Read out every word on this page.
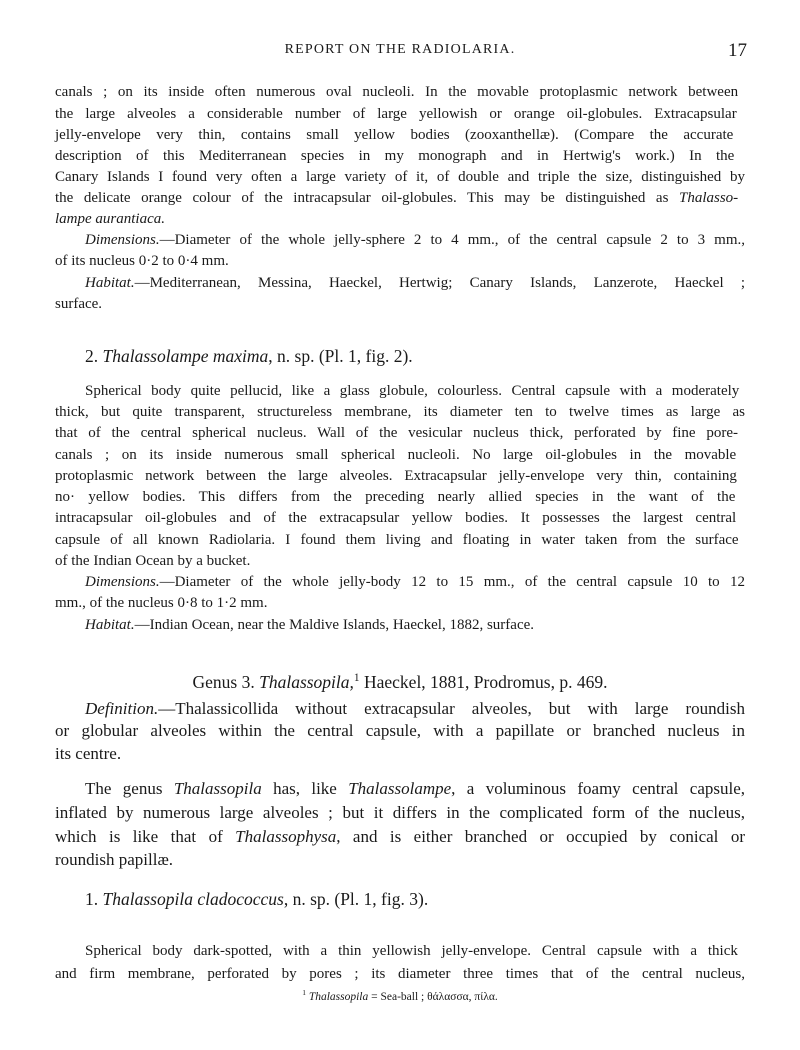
REPORT ON THE RADIOLARIA.	17
canals ; on its inside often numerous oval nucleoli. In the movable protoplasmic network between
the large alveoles a considerable number of large yellowish or orange oil-globules. Extracapsular
jelly-envelope very thin, contains small yellow bodies (zooxanthellæ). (Compare the accurate
description of this Mediterranean species in my monograph and in Hertwig's work.) In the
Canary Islands I found very often a large variety of it, of double and triple the size, distinguished by
the delicate orange colour of the intracapsular oil-globules. This may be distinguished as Thalasso-
lampe aurantiaca.
Dimensions.—Diameter of the whole jelly-sphere 2 to 4 mm., of the central capsule 2 to 3 mm.,
of its nucleus 0·2 to 0·4 mm.
Habitat.—Mediterranean, Messina, Haeckel, Hertwig; Canary Islands, Lanzerote, Haeckel ;
surface.
2. Thalassolampe maxima, n. sp. (Pl. 1, fig. 2).
Spherical body quite pellucid, like a glass globule, colourless. Central capsule with a moderately
thick, but quite transparent, structureless membrane, its diameter ten to twelve times as large as
that of the central spherical nucleus. Wall of the vesicular nucleus thick, perforated by fine pore-
canals ; on its inside numerous small spherical nucleoli. No large oil-globules in the movable
protoplasmic network between the large alveoles. Extracapsular jelly-envelope very thin, containing
no· yellow bodies. This differs from the preceding nearly allied species in the want of the
intracapsular oil-globules and of the extracapsular yellow bodies. It possesses the largest central
capsule of all known Radiolaria. I found them living and floating in water taken from the surface
of the Indian Ocean by a bucket.
Dimensions.—Diameter of the whole jelly-body 12 to 15 mm., of the central capsule 10 to 12
mm., of the nucleus 0·8 to 1·2 mm.
Habitat.—Indian Ocean, near the Maldive Islands, Haeckel, 1882, surface.
Genus 3. Thalassopila,$^1$ Haeckel, 1881, Prodromus, p. 469.
Definition.—Thalassicollida without extracapsular alveoles, but with large roundish
or globular alveoles within the central capsule, with a papillate or branched nucleus in
its centre.
The genus Thalassopila has, like Thalassolampe, a voluminous foamy central capsule,
inflated by numerous large alveoles ; but it differs in the complicated form of the nucleus,
which is like that of Thalassophysa, and is either branched or occupied by conical or
roundish papillæ.
1. Thalassopila cladococcus, n. sp. (Pl. 1, fig. 3).
Spherical body dark-spotted, with a thin yellowish jelly-envelope. Central capsule with a thick
and firm membrane, perforated by pores ; its diameter three times that of the central nucleus,
$^1$ Thalassopila = Sea-ball ; θάλασσα, πίλα.
